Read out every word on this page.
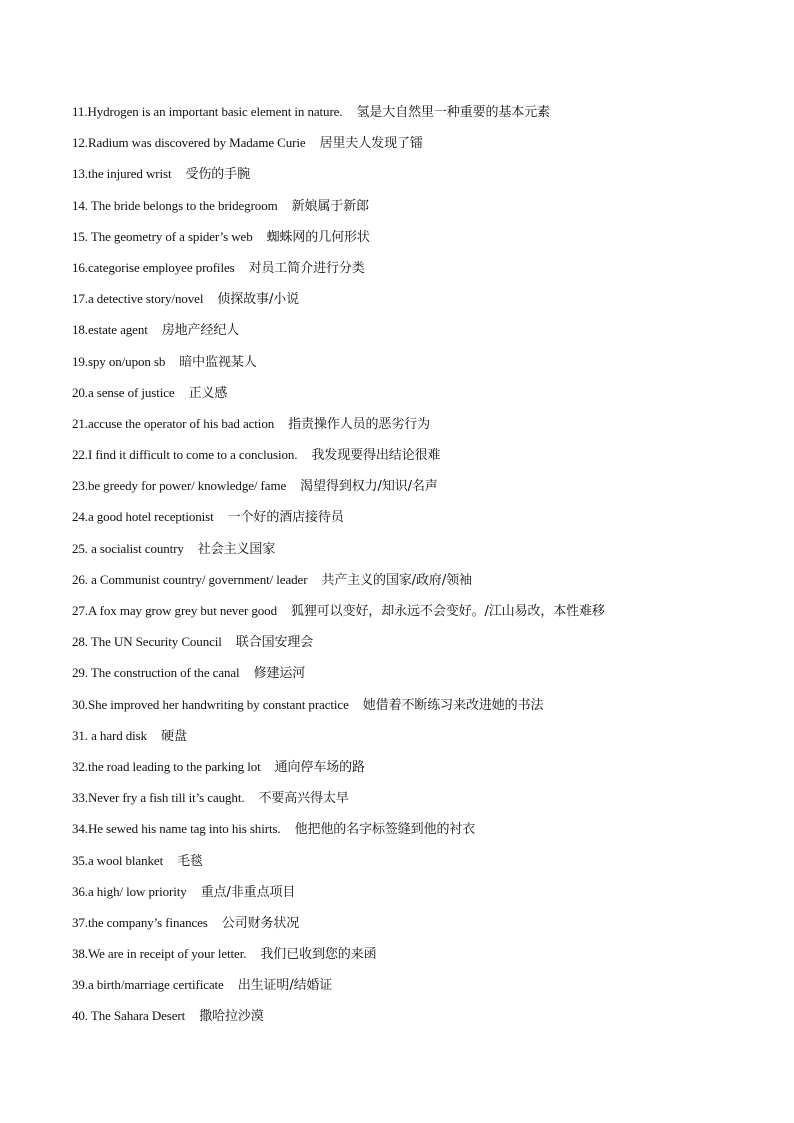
11.Hydrogen is an important basic element in nature. 氢是大自然里一种重要的基本元素
12.Radium was discovered by Madame Curie 居里夫人发现了镭
13.the injured wrist 受伤的手腕
14. The bride belongs to the bridegroom 新娘属于新郎
15. The geometry of a spider’s web 蜘蛛网的几何形状
16.categorise employee profiles 对员工简介进行分类
17.a detective story/novel 侦探故事/小说
18.estate agent 房地产经纪人
19.spy on/upon sb 暗中监视某人
20.a sense of justice 正义感
21.accuse the operator of his bad action 指责操作人员的恶劣行为
22.I find it difficult to come to a conclusion. 我发现要得出结论很难
23.be greedy for power/ knowledge/ fame 渴望得到权力/知识/名声
24.a good hotel receptionist 一个好的酒店接待员
25. a socialist country 社会主义国家
26. a Communist country/ government/ leader 共产主义的国家/政府/领袖
27.A fox may grow grey but never good 狐狸可以变好，却永远不会变好。/江山易改，本性难移
28. The UN Security Council 联合国安理会
29. The construction of the canal 修建运河
30.She improved her handwriting by constant practice 她借着不断练习来改进她的书法
31. a hard disk 硬盘
32.the road leading to the parking lot 通向停车场的路
33.Never fry a fish till it’s caught. 不要高兴得太早
34.He sewed his name tag into his shirts. 他把他的名字标签缝到他的衬衣
35.a wool blanket 毛毯
36.a high/ low priority 重点/非重点项目
37.the company’s finances 公司财务状况
38.We are in receipt of your letter. 我们已收到您的来函
39.a birth/marriage certificate 出生证明/结婚证
40. The Sahara Desert 撒哈拉沙漠
